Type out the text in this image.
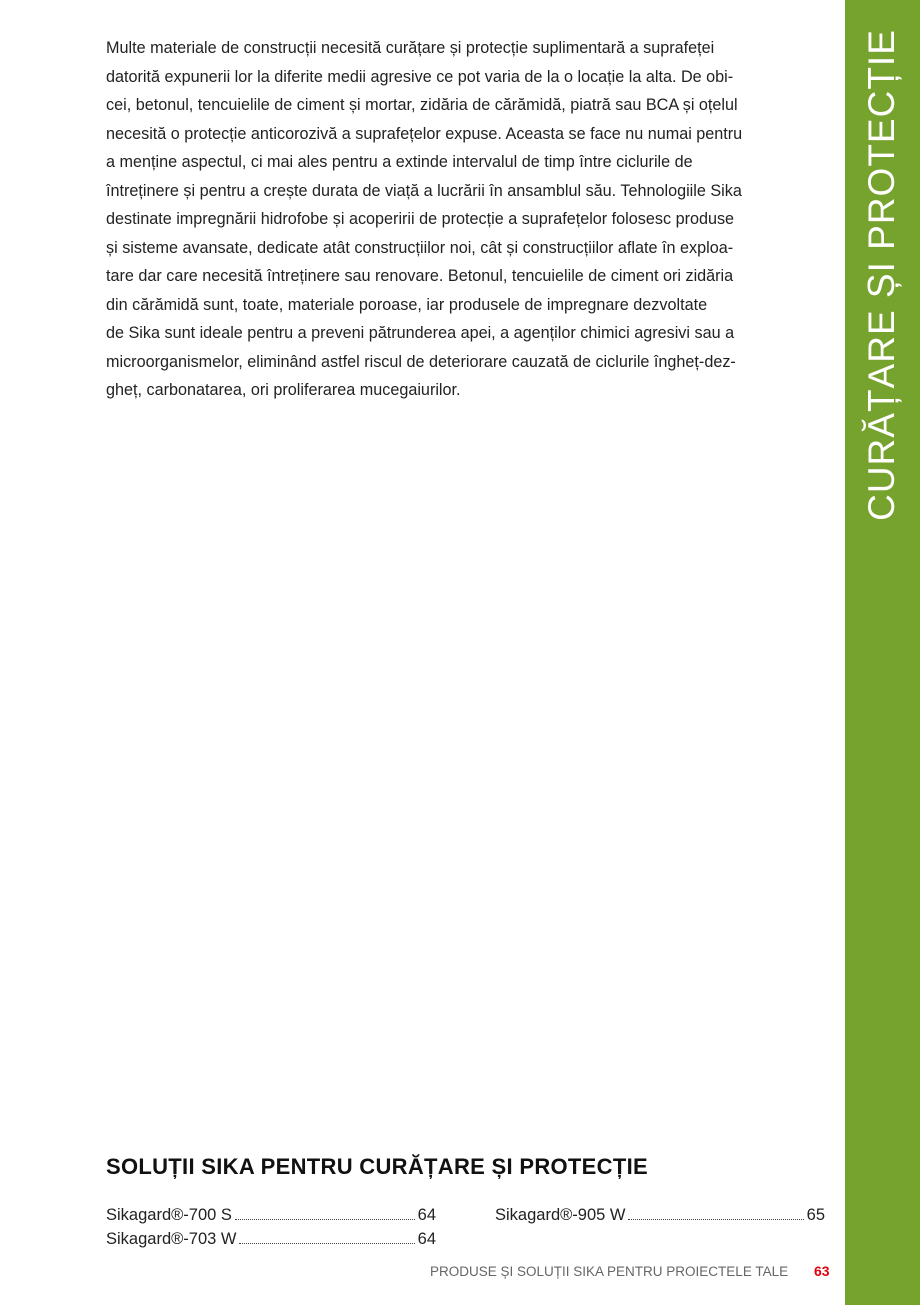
CURĂȚARE ȘI PROTECȚIE
Multe materiale de construcții necesită curățare și protecție suplimentară a suprafeței
datorită expunerii lor la diferite medii agresive ce pot varia de la o locație la alta. De obi-
cei, betonul, tencuielile de ciment și mortar, zidăria de cărămidă, piatră sau BCA și oțelul
necesită o protecție anticorozivă a suprafețelor expuse. Aceasta se face nu numai pentru
a menține aspectul, ci mai ales pentru a extinde intervalul de timp între ciclurile de
întreținere și pentru a crește durata de viață a lucrării în ansamblul său. Tehnologiile Sika
destinate impregnării hidrofobe și acoperirii de protecție a suprafețelor folosesc produse
și sisteme avansate, dedicate atât construcțiilor noi, cât și construcțiilor aflate în exploa-
tare dar care necesită întreținere sau renovare. Betonul, tencuielile de ciment ori zidăria
din cărămidă sunt, toate, materiale poroase, iar produsele de impregnare dezvoltate
de Sika sunt ideale pentru a preveni pătrunderea apei, a agenților chimici agresivi sau a
microorganismelor, eliminând astfel riscul de deteriorare cauzată de ciclurile îngheț-dez-
gheț, carbonatarea, ori proliferarea mucegaiurilor.
SOLUȚII SIKA PENTRU CURĂȚARE ȘI PROTECȚIE
Sikagard®-700 S	64
Sikagard®-703 W	64
Sikagard®-905 W	65
PRODUSE ȘI SOLUȚII SIKA PENTRU PROIECTELE TALE 63
